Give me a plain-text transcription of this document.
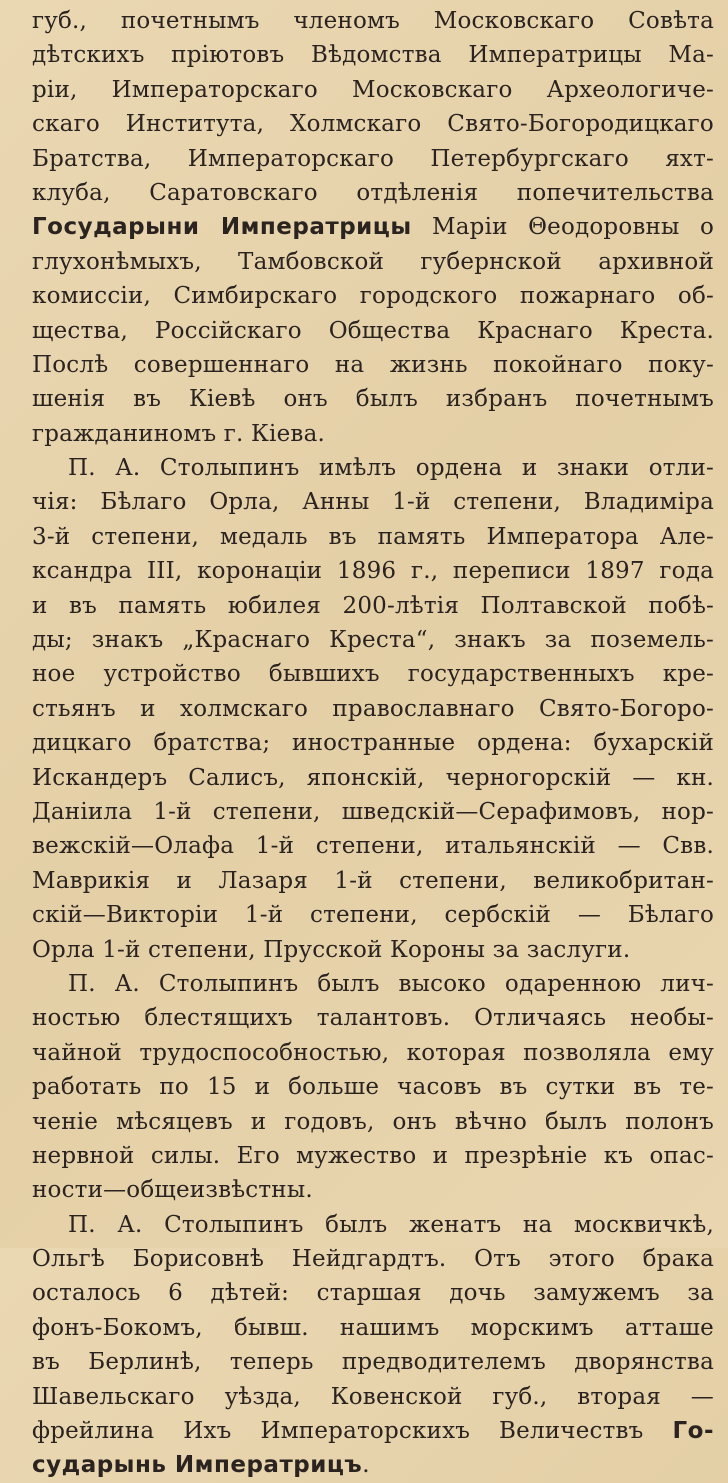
губ., почетнымъ членомъ Московскаго Совѣта
дѣтскихъ пріютовъ Вѣдомства Императрицы Ма-
ріи, Императорскаго Московскаго Археологиче-
скаго Института, Холмскаго Свято-Богородицкаго
Братства, Императорскаго Петербургскаго яхт-
клуба, Саратовскаго отдѣленія попечительства
Государыни Императрицы Маріи Θеодоровны о
глухонѣмыхъ, Тамбовской губернской архивной
комиссіи, Симбирскаго городского пожарнаго об-
щества, Россійскаго Общества Краснаго Креста.
Послѣ совершеннаго на жизнь покойнаго поку-
шенія въ Кіевѣ онъ былъ избранъ почетнымъ
гражданиномъ г. Кіева.
П. А. Столыпинъ имѣлъ ордена и знаки отли-
чія: Бѣлаго Орла, Анны 1-й степени, Владиміра
3-й степени, медаль въ память Императора Але-
ксандра III, коронаціи 1896 г., переписи 1897 года
и въ память юбилея 200-лѣтія Полтавской побѣ-
ды; знакъ „Краснаго Креста“, знакъ за поземель-
ное устройство бывшихъ государственныхъ кре-
стьянъ и холмскаго православнаго Свято-Богоро-
дицкаго братства; иностранные ордена: бухарскій
Искандеръ Салисъ, японскій, черногорскій — кн.
Даніила 1-й степени, шведскій—Серафимовъ, нор-
вежскій—Олафа 1-й степени, итальянскій — Свв.
Маврикія и Лазаря 1-й степени, великобритан-
скій—Викторіи 1-й степени, сербскій — Бѣлаго
Орла 1-й степени, Прусской Короны за заслуги.
П. А. Столыпинъ былъ высоко одаренною лич-
ностью блестящихъ талантовъ. Отличаясь необы-
чайной трудоспособностью, которая позволяла ему
работать по 15 и больше часовъ въ сутки въ те-
ченіе мѣсяцевъ и годовъ, онъ вѣчно былъ полонъ
нервной силы. Его мужество и презрѣніе къ опас-
ности—общеизвѣстны.
П. А. Столыпинъ былъ женатъ на москвичкѣ,
Ольгѣ Борисовнѣ Нейдгардтъ. Отъ этого брака
осталось 6 дѣтей: старшая дочь замужемъ за
фонъ-Бокомъ, бывш. нашимъ морскимъ атташе
въ Берлинѣ, теперь предводителемъ дворянства
Шавельскаго уѣзда, Ковенской губ., вторая —
фрейлина Ихъ Императорскихъ Величествъ Го-
сударынь Императрицъ.
